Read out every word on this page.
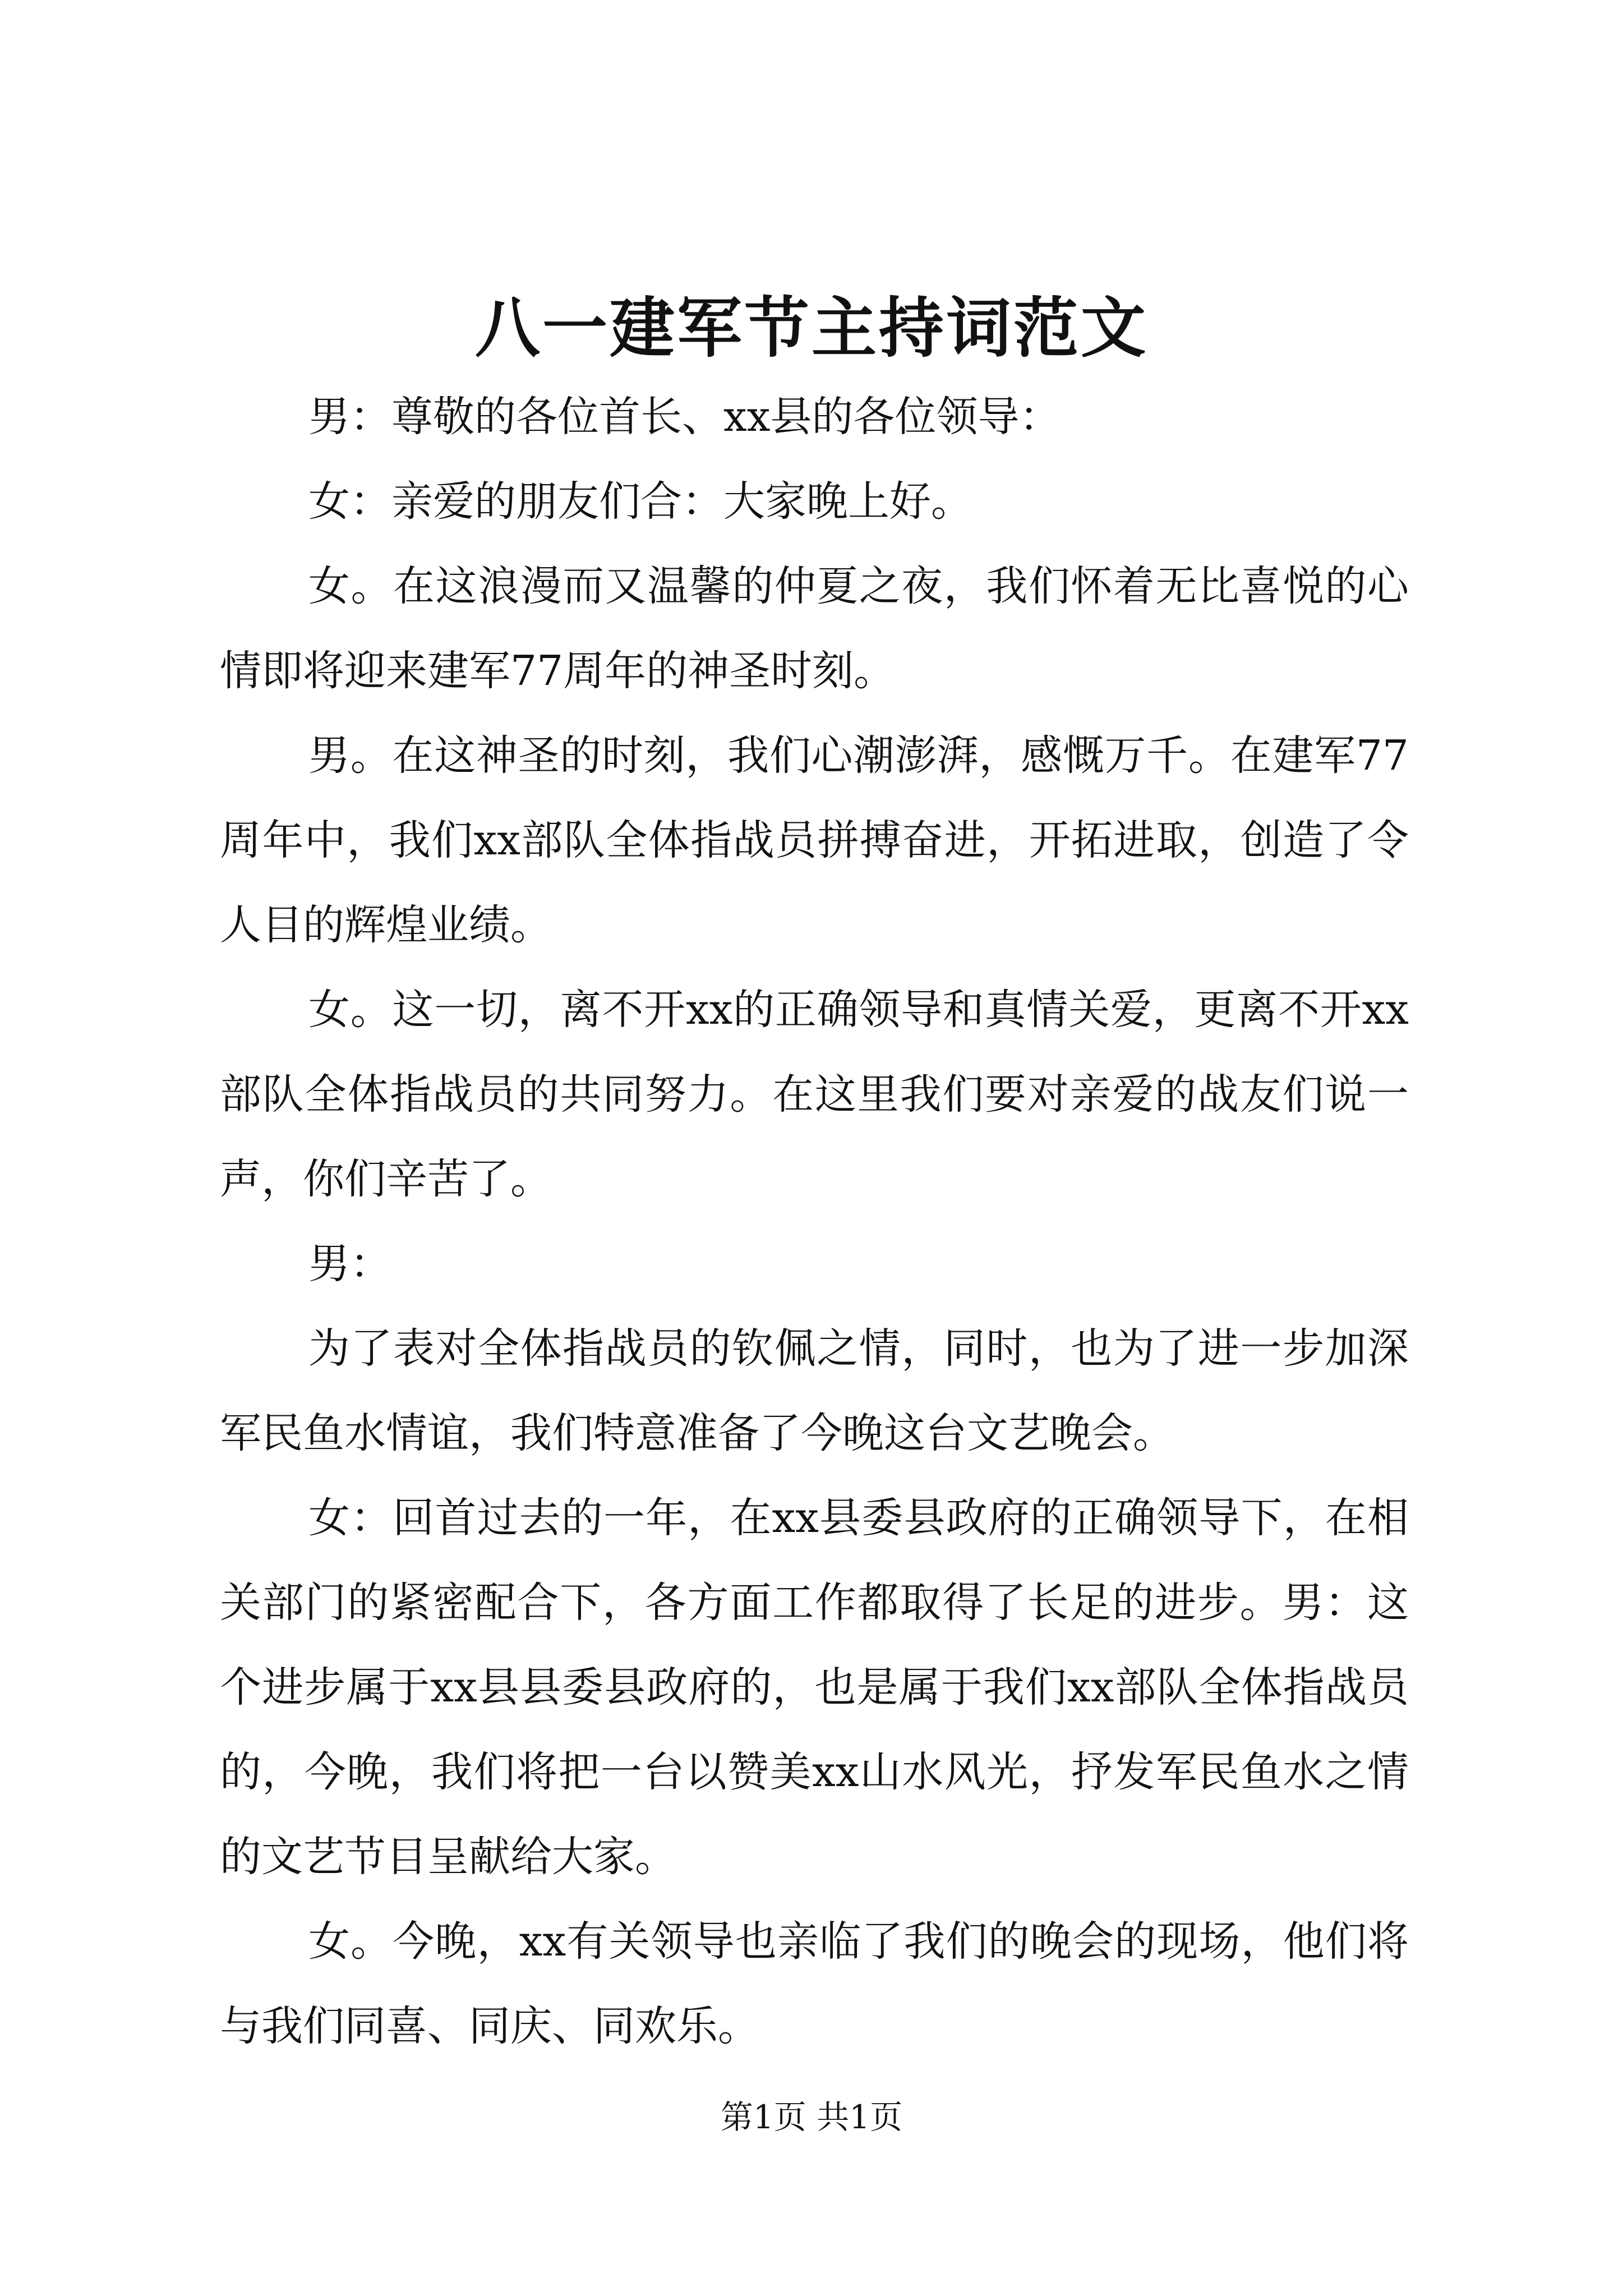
八一建军节主持词范文

男：尊敬的各位首长、xx县的各位领导：

女：亲爱的朋友们合：大家晚上好。

女。在这浪漫而又温馨的仲夏之夜，我们怀着无比喜悦的心情即将迎来建军77周年的神圣时刻。

男。在这神圣的时刻，我们心潮澎湃，感慨万千。在建军77周年中，我们xx部队全体指战员拼搏奋进，开拓进取，创造了令人目的辉煌业绩。

女。这一切，离不开xx的正确领导和真情关爱，更离不开xx部队全体指战员的共同努力。在这里我们要对亲爱的战友们说一声，你们辛苦了。

男：

为了表对全体指战员的钦佩之情，同时，也为了进一步加深军民鱼水情谊，我们特意准备了今晚这台文艺晚会。

女：回首过去的一年，在xx县委县政府的正确领导下，在相关部门的紧密配合下，各方面工作都取得了长足的进步。男：这个进步属于xx县县委县政府的，也是属于我们xx部队全体指战员的，今晚，我们将把一台以赞美xx山水风光，抒发军民鱼水之情的文艺节目呈献给大家。

女。今晚，xx有关领导也亲临了我们的晚会的现场，他们将与我们同喜、同庆、同欢乐。

第1页 共1页
